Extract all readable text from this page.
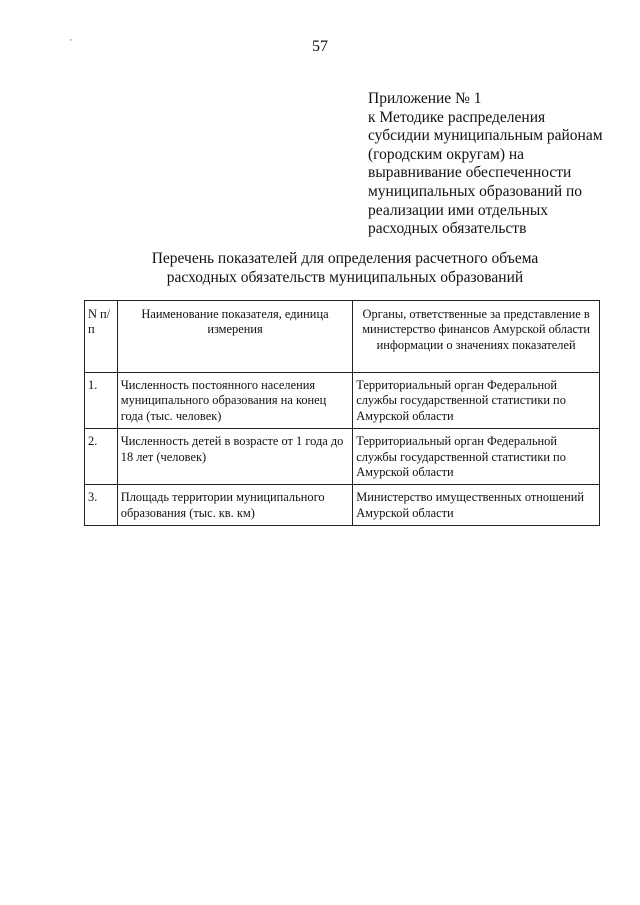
,
57
Приложение № 1
к Методике распределения
субсидии муниципальным районам
(городским округам) на
выравнивание обеспеченности
муниципальных образований по
реализации ими отдельных
расходных обязательств
Перечень показателей для определения расчетного объема
расходных обязательств муниципальных образований
N п/п	Наименование показателя, единица измерения	Органы, ответственные за представление в министерство финансов Амурской области информации о значениях показателей
1.	Численность постоянного населения муниципального образования на конец года (тыс. человек)	Территориальный орган Федеральной службы государственной статистики по Амурской области
2.	Численность детей в возрасте от 1 года до 18 лет (человек)	Территориальный орган Федеральной службы государственной статистики по Амурской области
3.	Площадь территории муниципального образования (тыс. кв. км)	Министерство имущественных отношений Амурской области
